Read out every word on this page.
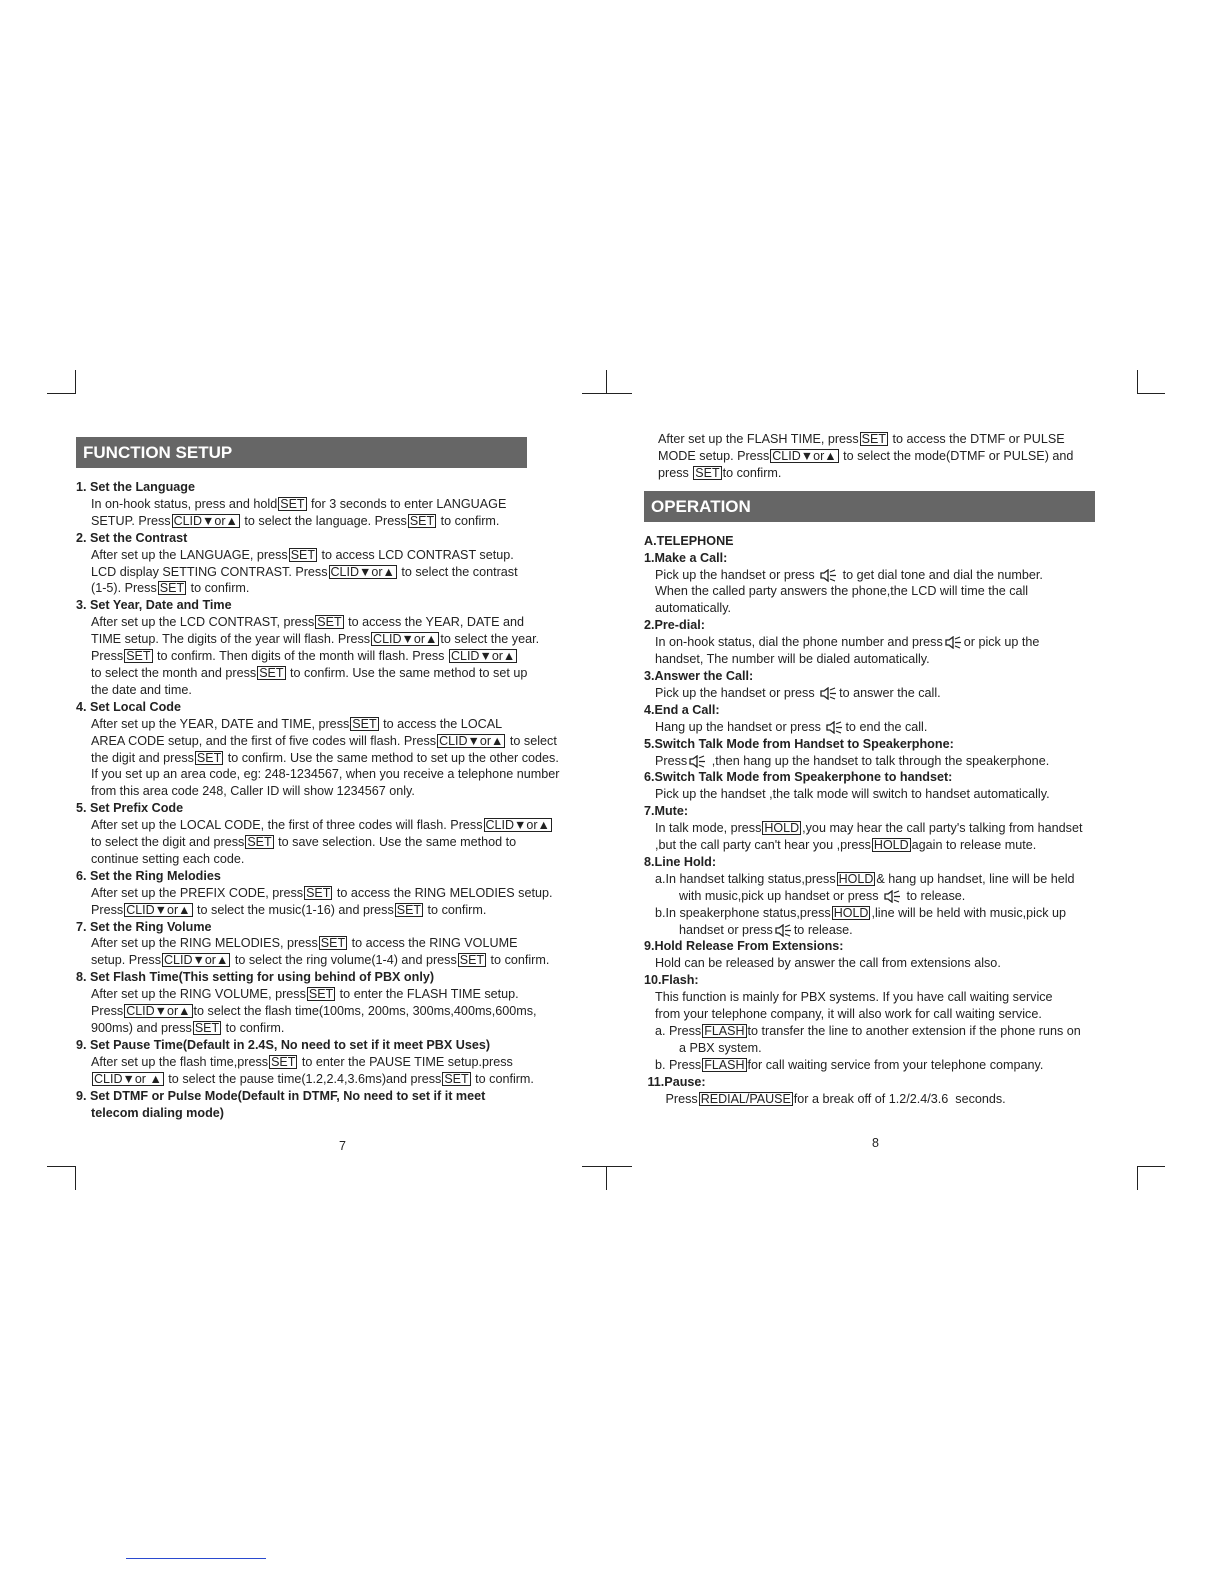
FUNCTION SETUP
1. Set the Language
In on-hook status, press and hold SET for 3 seconds to enter LANGUAGE
SETUP. Press CLID▼or▲ to select the language. Press SET to confirm.
2. Set the Contrast
After set up the LANGUAGE, press SET to access LCD CONTRAST setup.
LCD display SETTING CONTRAST. Press CLID▼or▲ to select the contrast
(1-5). Press SET to confirm.
3. Set Year, Date and Time
After set up the LCD CONTRAST, press SET to access the YEAR, DATE and
TIME setup. The digits of the year will flash. Press CLID▼or▲ to select the year.
Press SET to confirm. Then digits of the month will flash. Press CLID▼or▲
to select the month and press SET to confirm. Use the same method to set up
the date and time.
4. Set Local Code
After set up the YEAR, DATE and TIME, press SET to access the LOCAL
AREA CODE setup, and the first of five codes will flash. Press CLID▼or▲ to select
the digit and press SET to confirm. Use the same method to set up the other codes.
If you set up an area code, eg: 248-1234567, when you receive a telephone number
from this area code 248, Caller ID will show 1234567 only.
5. Set Prefix Code
After set up the LOCAL CODE, the first of three codes will flash. Press CLID▼or▲
to select the digit and press SET to save selection. Use the same method to
continue setting each code.
6. Set the Ring Melodies
After set up the PREFIX CODE, press SET to access the RING MELODIES setup.
Press CLID▼or▲ to select the music(1-16) and press SET to confirm.
7. Set the Ring Volume
After set up the RING MELODIES, press SET to access the RING VOLUME
setup. Press CLID▼or▲ to select the ring volume(1-4) and press SET to confirm.
8. Set Flash Time(This setting for using behind of PBX only)
After set up the RING VOLUME, press SET to enter the FLASH TIME setup.
Press CLID▼or▲ to select the flash time(100ms, 200ms, 300ms,400ms,600ms,
900ms) and press SET to confirm.
9. Set Pause Time(Default in 2.4S, No need to set if it meet PBX Uses)
After set up the flash time,press SET to enter the PAUSE TIME setup.press
CLID▼or ▲ to select the pause time(1.2,2.4,3.6ms)and press SET to confirm.
9. Set DTMF or Pulse Mode(Default in DTMF, No need to set if it meet
telecom dialing mode)
7
After set up the FLASH TIME, press SET to access the DTMF or PULSE
MODE setup. Press CLID▼or▲ to select the mode(DTMF or PULSE) and
press SET to confirm.
OPERATION
A.TELEPHONE
1.Make a Call:
Pick up the handset or press  to get dial tone and dial the number.
When the called party answers the phone,the LCD will time the call
automatically.
2.Pre-dial:
In on-hook status, dial the phone number and press or pick up the
handset, The number will be dialed automatically.
3.Answer the Call:
Pick up the handset or press to answer the call.
4.End a Call:
Hang up the handset or press to end the call.
5.Switch Talk Mode from Handset to Speakerphone:
Press ,then hang up the handset to talk through the speakerphone.
6.Switch Talk Mode from Speakerphone to handset:
Pick up the handset ,the talk mode will switch to handset automatically.
7.Mute:
In talk mode, press HOLD ,you may hear the call party's talking from handset
,but the call party can't hear you ,press HOLD again to release mute.
8.Line Hold:
a.In handset talking status,press HOLD & hang up handset, line will be held
with music,pick up handset or press  to release.
b.In speakerphone status,press HOLD ,line will be held with music,pick up
handset or press to release.
9.Hold Release From Extensions:
Hold can be released by answer the call from extensions also.
10.Flash:
This function is mainly for PBX systems. If you have call waiting service
from your telephone company, it will also work for call waiting service.
a. Press FLASH to transfer the line to another extension if the phone runs on
a PBX system.
b. Press FLASH for call waiting service from your telephone company.
11.Pause:
Press REDIAL/PAUSE for a break off of 1.2/2.4/3.6  seconds.
8
